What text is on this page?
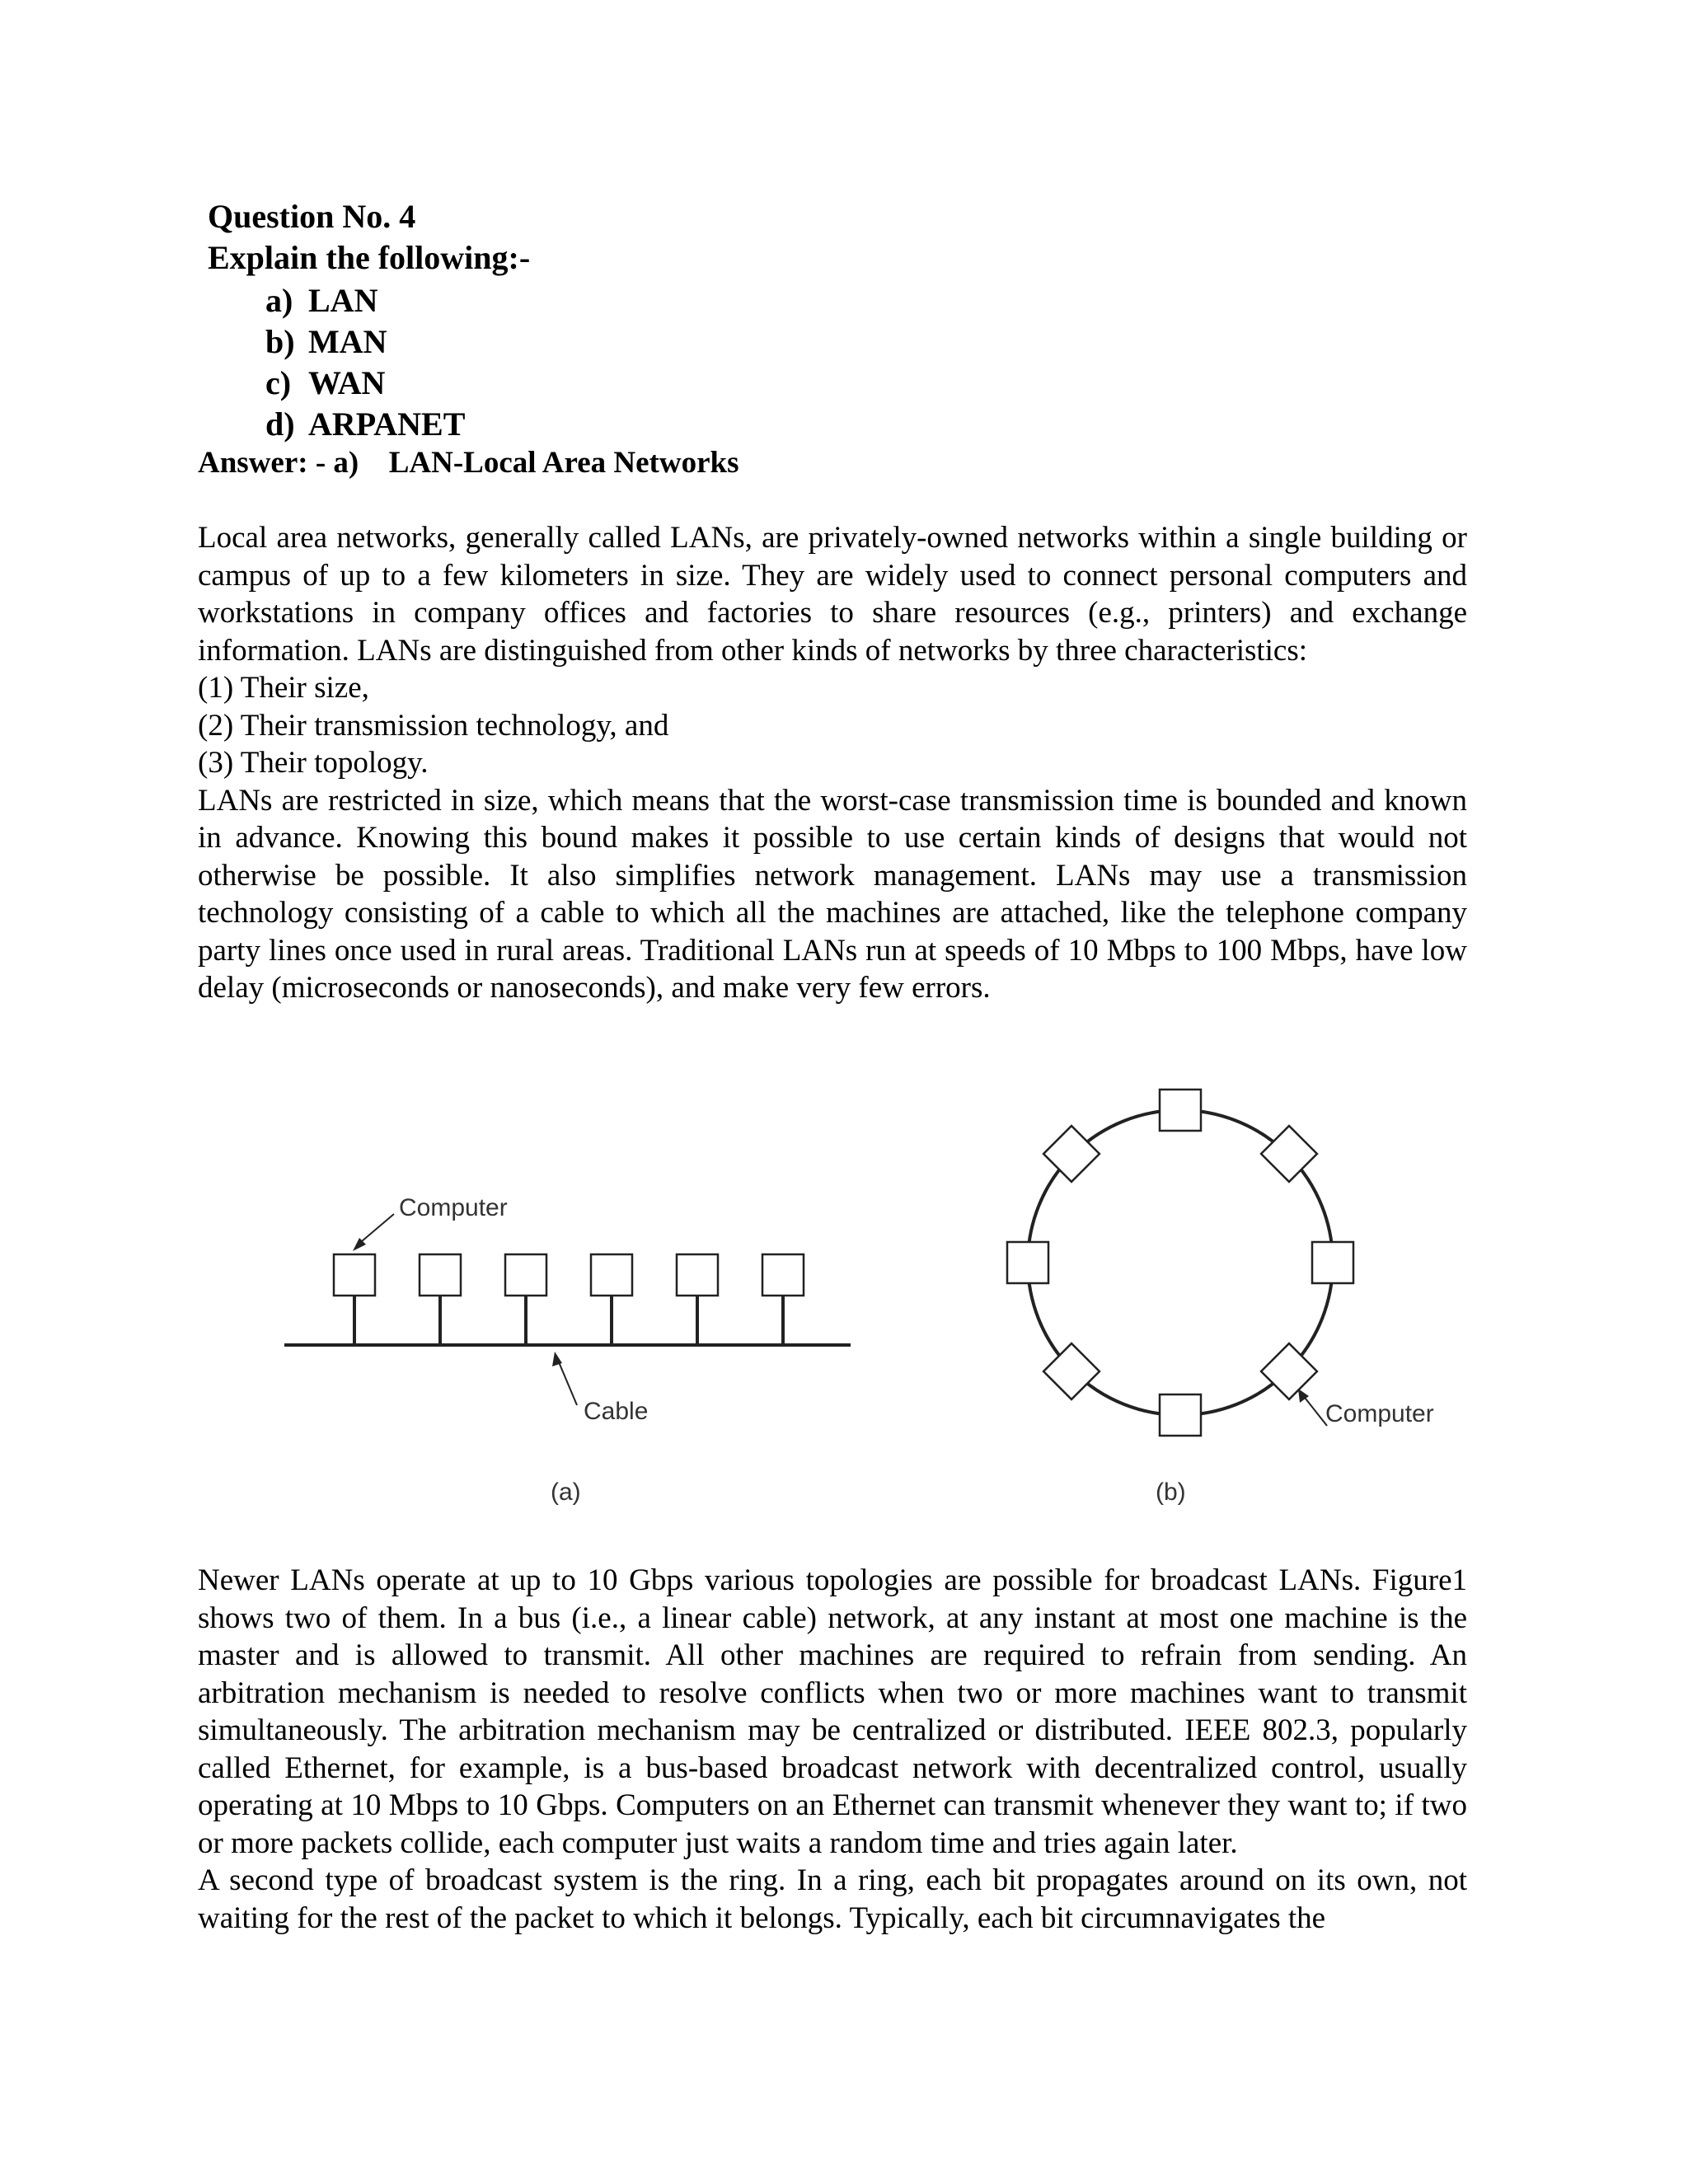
Question No. 4
Explain the following:-
a) LAN
b) MAN
c) WAN
d) ARPANET
Answer: - a) LAN-Local Area Networks

Local area networks, generally called LANs, are privately-owned networks within a single building or campus of up to a few kilometers in size. They are widely used to connect personal computers and workstations in company offices and factories to share resources (e.g., printers) and exchange information. LANs are distinguished from other kinds of networks by three characteristics:

(1) Their size,
(2) Their transmission technology, and
(3) Their topology.

LANs are restricted in size, which means that the worst-case transmission time is bounded and known in advance. Knowing this bound makes it possible to use certain kinds of designs that would not otherwise be possible. It also simplifies network management. LANs may use a transmission technology consisting of a cable to which all the machines are attached, like the telephone company party lines once used in rural areas. Traditional LANs run at speeds of 10 Mbps to 100 Mbps, have low delay (microseconds or nanoseconds), and make very few errors.

Computer
Cable
(a)
Computer
(b)

Newer LANs operate at up to 10 Gbps various topologies are possible for broadcast LANs. Figure1 shows two of them. In a bus (i.e., a linear cable) network, at any instant at most one machine is the master and is allowed to transmit. All other machines are required to refrain from sending. An arbitration mechanism is needed to resolve conflicts when two or more machines want to transmit simultaneously. The arbitration mechanism may be centralized or distributed. IEEE 802.3, popularly called Ethernet, for example, is a bus-based broadcast network with decentralized control, usually operating at 10 Mbps to 10 Gbps. Computers on an Ethernet can transmit whenever they want to; if two or more packets collide, each computer just waits a random time and tries again later.

A second type of broadcast system is the ring. In a ring, each bit propagates around on its own, not waiting for the rest of the packet to which it belongs. Typically, each bit circumnavigates the
